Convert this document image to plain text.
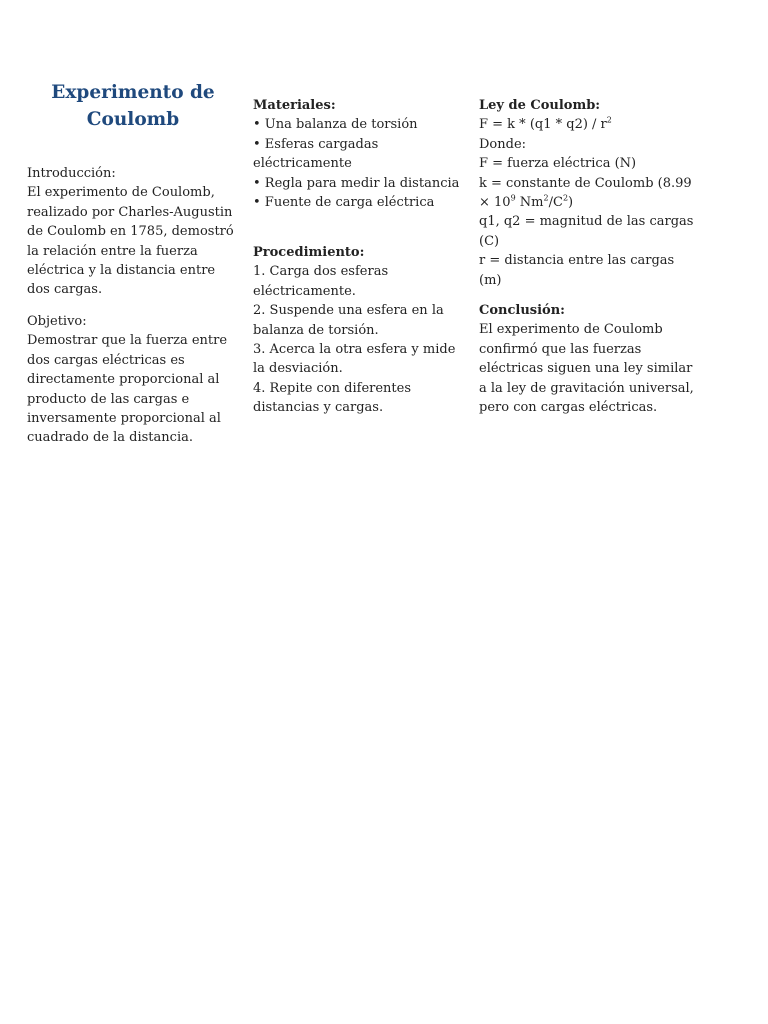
Experimento de
Coulomb

Introducción:

El experimento de Coulomb, realizado por Charles-Augustin de Coulomb en 1785, demostró la relación entre la fuerza eléctrica y la distancia entre dos cargas.

Objetivo:

Demostrar que la fuerza entre dos cargas eléctricas es directamente proporcional al producto de las cargas e inversamente proporcional al cuadrado de la distancia.

Materiales:

• Una balanza de torsión

• Esferas cargadas eléctricamente

• Regla para medir la distancia

• Fuente de carga eléctrica

Procedimiento:

1. Carga dos esferas eléctricamente.

2. Suspende una esfera en la balanza de torsión.

3. Acerca la otra esfera y mide la desviación.

4. Repite con diferentes distancias y cargas.

Ley de Coulomb:

$F = k * (q1 * q2) / r^2$

Donde:

F = fuerza eléctrica (N)

k = constante de Coulomb ($8.99 \times 10^9$ $Nm^2/C^2$)

q1, q2 = magnitud de las cargas (C)

r = distancia entre las cargas (m)

Conclusión:

El experimento de Coulomb confirmó que las fuerzas eléctricas siguen una ley similar a la ley de gravitación universal, pero con cargas eléctricas.
